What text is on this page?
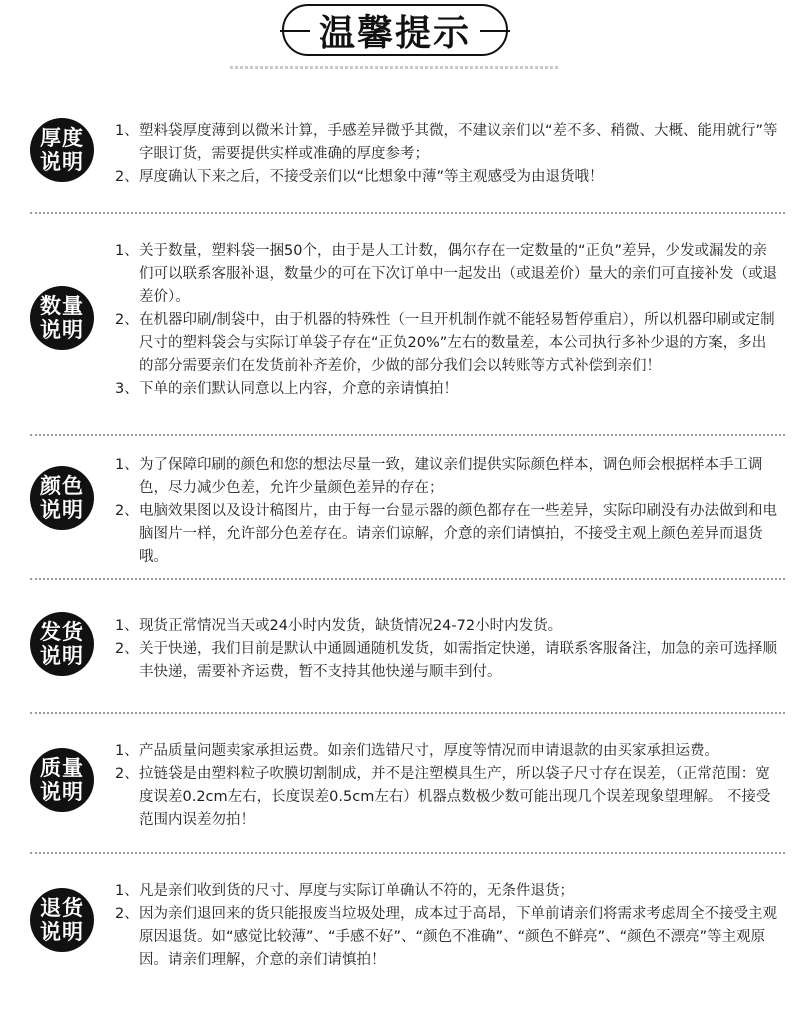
温馨提示
厚度
说明
1、 塑料袋厚度薄到以微米计算，手感差异微乎其微，不建议亲们以“差不多、稍微、大概、能用就行”等字眼订货，需要提供实样或准确的厚度参考；
2、 厚度确认下来之后，不接受亲们以“比想象中薄”等主观感受为由退货哦！
数量
说明
1、 关于数量，塑料袋一捆50个，由于是人工计数，偶尔存在一定数量的“正负”差异，少发或漏发的亲们可以联系客服补退，数量少的可在下次订单中一起发出（或退差价）量大的亲们可直接补发（或退差价）。
2、 在机器印刷/制袋中，由于机器的特殊性（一旦开机制作就不能轻易暂停重启），所以机器印刷或定制尺寸的塑料袋会与实际订单袋子存在“正负20%”左右的数量差，本公司执行多补少退的方案，多出的部分需要亲们在发货前补齐差价，少做的部分我们会以转账等方式补偿到亲们！
3、 下单的亲们默认同意以上内容，介意的亲请慎拍！
颜色
说明
1、 为了保障印刷的颜色和您的想法尽量一致，建议亲们提供实际颜色样本，调色师会根据样本手工调色，尽力减少色差，允许少量颜色差异的存在；
2、 电脑效果图以及设计稿图片，由于每一台显示器的颜色都存在一些差异，实际印刷没有办法做到和电脑图片一样，允许部分色差存在。请亲们谅解，介意的亲们请慎拍，不接受主观上颜色差异而退货哦。
发货
说明
1、 现货正常情况当天或24小时内发货，缺货情况24-72小时内发货。
2、 关于快递，我们目前是默认中通圆通随机发货，如需指定快递，请联系客服备注，加急的亲可选择顺丰快递，需要补齐运费，暂不支持其他快递与顺丰到付。
质量
说明
1、 产品质量问题卖家承担运费。如亲们选错尺寸，厚度等情况而申请退款的由买家承担运费。
2、 拉链袋是由塑料粒子吹膜切割制成，并不是注塑模具生产，所以袋子尺寸存在误差，（正常范围：宽度误差0.2cm左右，长度误差0.5cm左右）机器点数极少数可能出现几个误差现象望理解。 不接受范围内误差勿拍！
退货
说明
1、 凡是亲们收到货的尺寸、厚度与实际订单确认不符的，无条件退货；
2、 因为亲们退回来的货只能报废当垃圾处理，成本过于高昂，下单前请亲们将需求考虑周全不接受主观原因退货。如“感觉比较薄”、“手感不好”、“颜色不准确”、“颜色不鲜亮”、“颜色不漂亮”等主观原因。请亲们理解，介意的亲们请慎拍！
